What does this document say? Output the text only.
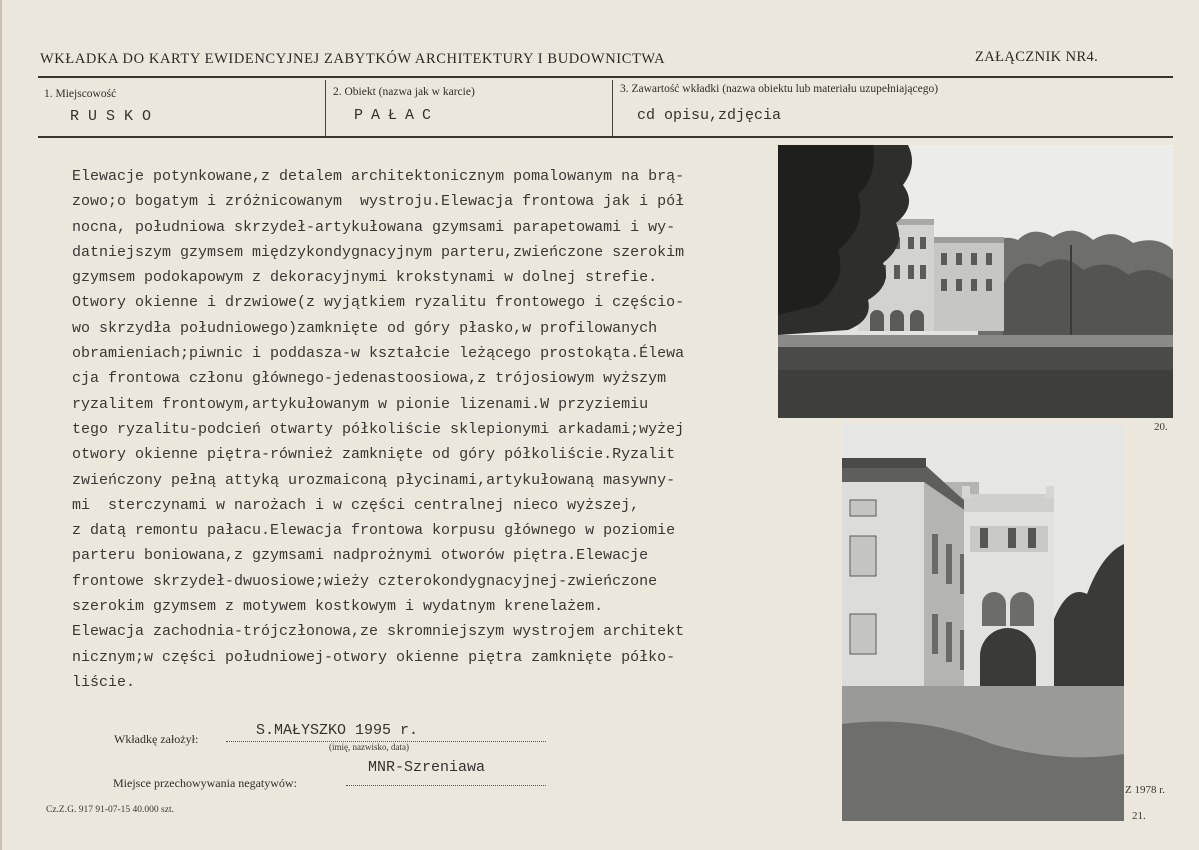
WKŁADKA DO KARTY EWIDENCYJNEJ ZABYTKÓW ARCHITEKTURY I BUDOWNICTWA	ZAŁĄCZNIK NR4.
1. Miejscowość
RUSKO
2. Obiekt (nazwa jak w karcie)
PAŁAC
3. Zawartość wkładki (nazwa obiektu lub materiału uzupełniającego)
cd opisu,zdjęcia
Elewacje potynkowane,z detalem architektonicznym pomalowanym na brą-
zowo;o bogatym i zróżnicowanym  wystroju.Elewacja frontowa jak i pół
nocna, południowa skrzydeł-artykułowana gzymsami parapetowami i wy-
datniejszym gzymsem międzykondygnacyjnym parteru,zwieńczone szerokim
gzymsem podokapowym z dekoracyjnymi krokstynami w dolnej strefie.
Otwory okienne i drzwiowe(z wyjątkiem ryzalitu frontowego i częścio-
wo skrzydła południowego)zamknięte od góry płasko,w profilowanych
obramieniach;piwnic i poddasza-w kształcie leżącego prostokąta.Élewa
cja frontowa członu głównego-jedenastoosiowa,z trójosiowym wyższym
ryzalitem frontowym,artykułowanym w pionie lizenami.W przyziemiu
tego ryzalitu-podcień otwarty półkoliście sklepionymi arkadami;wyżej
otwory okienne piętra-również zamknięte od góry półkoliście.Ryzalit
zwieńczony pełną attyką urozmaiconą płycinami,artykułowaną masywny-
mi  sterczynami w narożach i w części centralnej nieco wyższej,
z datą remontu pałacu.Elewacja frontowa korpusu głównego w poziomie
parteru boniowana,z gzymsami nadprożnymi otworów piętra.Elewacje
frontowe skrzydeł-dwuosiowe;wieży czterokondygnacyjnej-zwieńczone
szerokim gzymsem z motywem kostkowym i wydatnym krenelażem.
Elewacja zachodnia-trójczłonowa,ze skromniejszym wystrojem architekt
nicznym;w części południowej-otwory okienne piętra zamknięte półko-
liście.
20.
Z 1978 r.
21.
Wkładkę założył:	S.MAŁYSZKO 1995 r.
(imię, nazwisko, data)
Miejsce przechowywania negatywów:
MNR-Szreniawa
Cz.Z.G. 917 91-07-15 40.000 szt.
